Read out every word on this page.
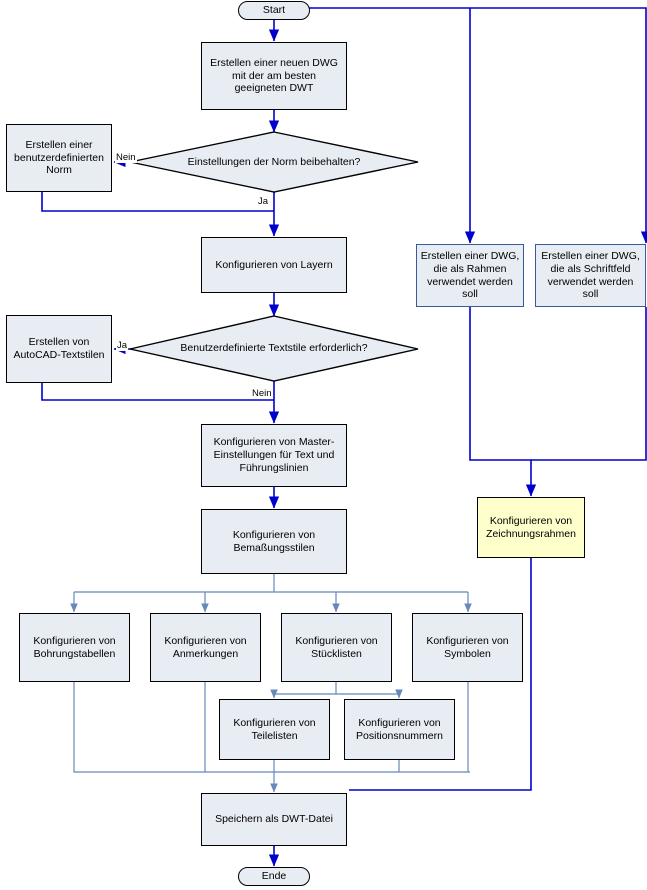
Start
Ende
Erstellen einer neuen DWG mit der am besten geeigneten DWT
Erstellen einer benutzerdefinierten Norm
Konfigurieren von Layern
Erstellen von AutoCAD-Textstilen
Konfigurieren von Master-Einstellungen für Text und Führungslinien
Konfigurieren von Bemaßungsstilen
Konfigurieren von Bohrungstabellen
Konfigurieren von Anmerkungen
Konfigurieren von Stücklisten
Konfigurieren von Symbolen
Konfigurieren von Teilelisten
Konfigurieren von Positionsnummern
Speichern als DWT-Datei
Erstellen einer DWG, die als Rahmen verwendet werden soll
Erstellen einer DWG, die als Schriftfeld verwendet werden soll
Konfigurieren von Zeichnungsrahmen
Einstellungen der Norm beibehalten?
Benutzerdefinierte Textstile erforderlich?
Nein
Ja
Ja
Nein
